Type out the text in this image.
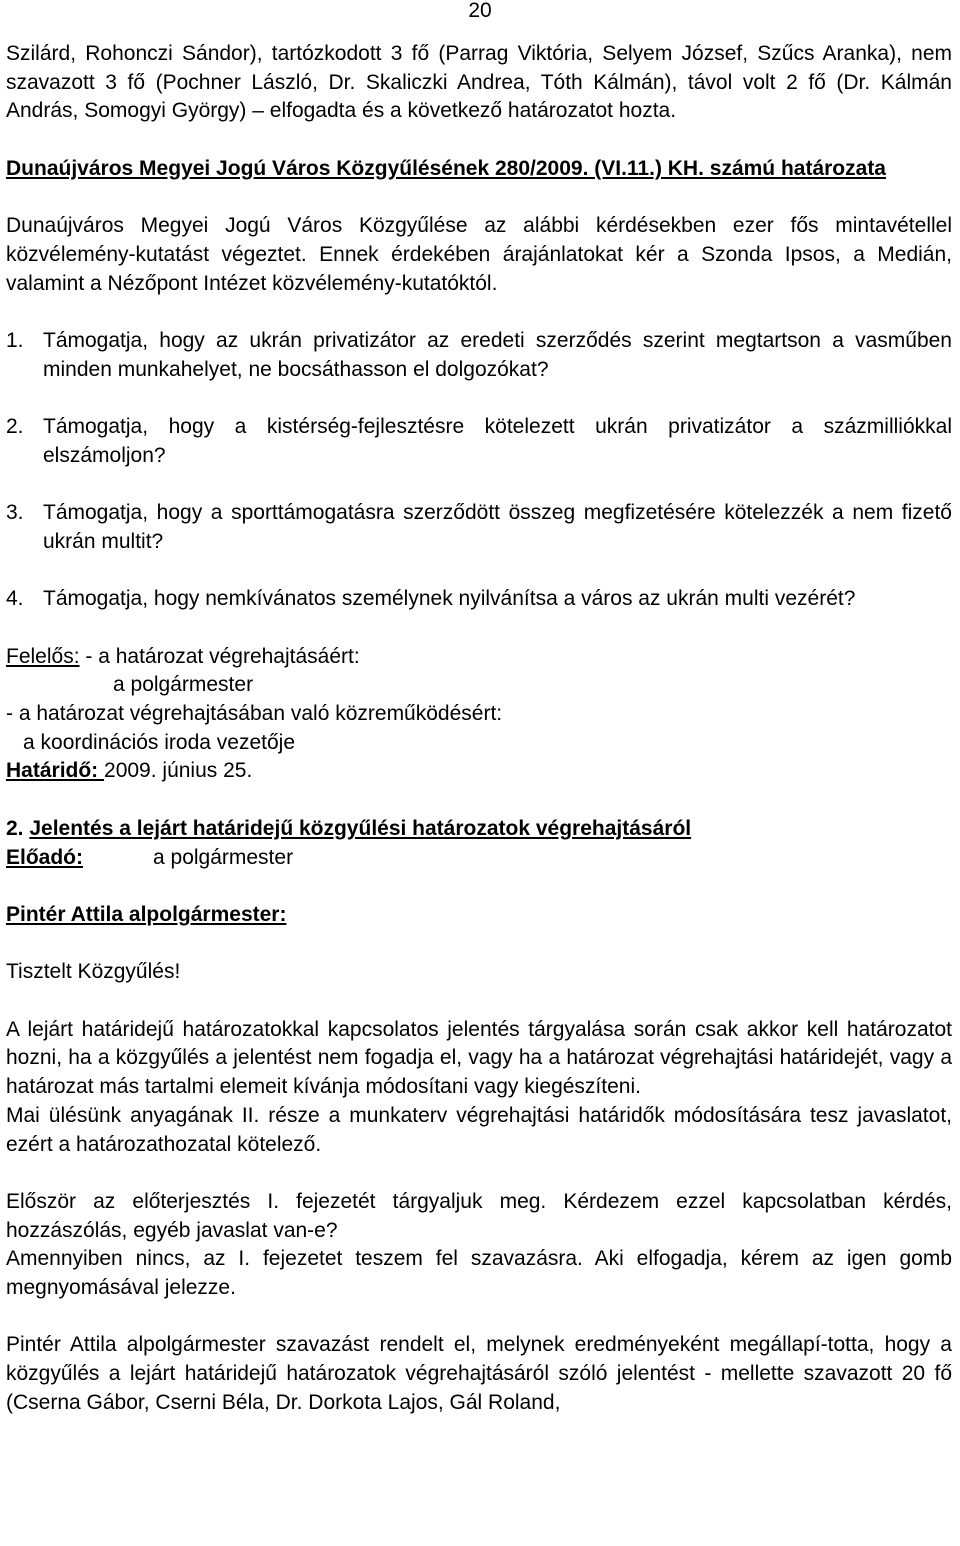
20

Szilárd, Rohonczi Sándor), tartózkodott 3 fő (Parrag Viktória, Selyem József, Szűcs Aranka), nem szavazott 3 fő (Pochner László, Dr. Skaliczki Andrea, Tóth Kálmán), távol volt 2 fő (Dr. Kálmán András, Somogyi György) – elfogadta és a következő határozatot hozta.

Dunaújváros Megyei Jogú Város Közgyűlésének 280/2009. (VI.11.) KH. számú határozata

Dunaújváros Megyei Jogú Város Közgyűlése az alábbi kérdésekben ezer fős mintavétellel közvélemény-kutatást végeztet. Ennek érdekében árajánlatokat kér a Szonda Ipsos, a Medián, valamint a Nézőpont Intézet közvélemény-kutatóktól.

1. Támogatja, hogy az ukrán privatizátor az eredeti szerződés szerint megtartson a vasműben minden munkahelyet, ne bocsáthasson el dolgozókat?
2. Támogatja, hogy a kistérség-fejlesztésre kötelezett ukrán privatizátor a százmilliókkal elszámoljon?
3. Támogatja, hogy a sporttámogatásra szerződött összeg megfizetésére kötelezzék a nem fizető ukrán multit?
4. Támogatja, hogy nemkívánatos személynek nyilvánítsa a város az ukrán multi vezérét?

Felelős: - a határozat végrehajtásáért:

a polgármester

- a határozat végrehajtásában való közreműködésért:

a koordinációs iroda vezetője

Határidő: 2009. június 25.

2. Jelentés a lejárt határidejű közgyűlési határozatok végrehajtásáról

Előadó:	a polgármester

Pintér Attila alpolgármester:

Tisztelt Közgyűlés!

A lejárt határidejű határozatokkal kapcsolatos jelentés tárgyalása során csak akkor kell határozatot hozni, ha a közgyűlés a jelentést nem fogadja el, vagy ha a határozat végrehajtási határidejét, vagy a határozat más tartalmi elemeit kívánja módosítani vagy kiegészíteni.

Mai ülésünk anyagának II. része a munkaterv végrehajtási határidők módosítására tesz javaslatot, ezért a határozathozatal kötelező.

Először az előterjesztés I. fejezetét tárgyaljuk meg. Kérdezem ezzel kapcsolatban kérdés, hozzászólás, egyéb javaslat van-e?

Amennyiben nincs, az I. fejezetet teszem fel szavazásra. Aki elfogadja, kérem az igen gomb megnyomásával jelezze.

Pintér Attila alpolgármester szavazást rendelt el, melynek eredményeként megállapí-totta, hogy a közgyűlés a lejárt határidejű határozatok végrehajtásáról szóló jelentést - mellette szavazott 20 fő (Cserna Gábor, Cserni Béla, Dr. Dorkota Lajos, Gál Roland,
